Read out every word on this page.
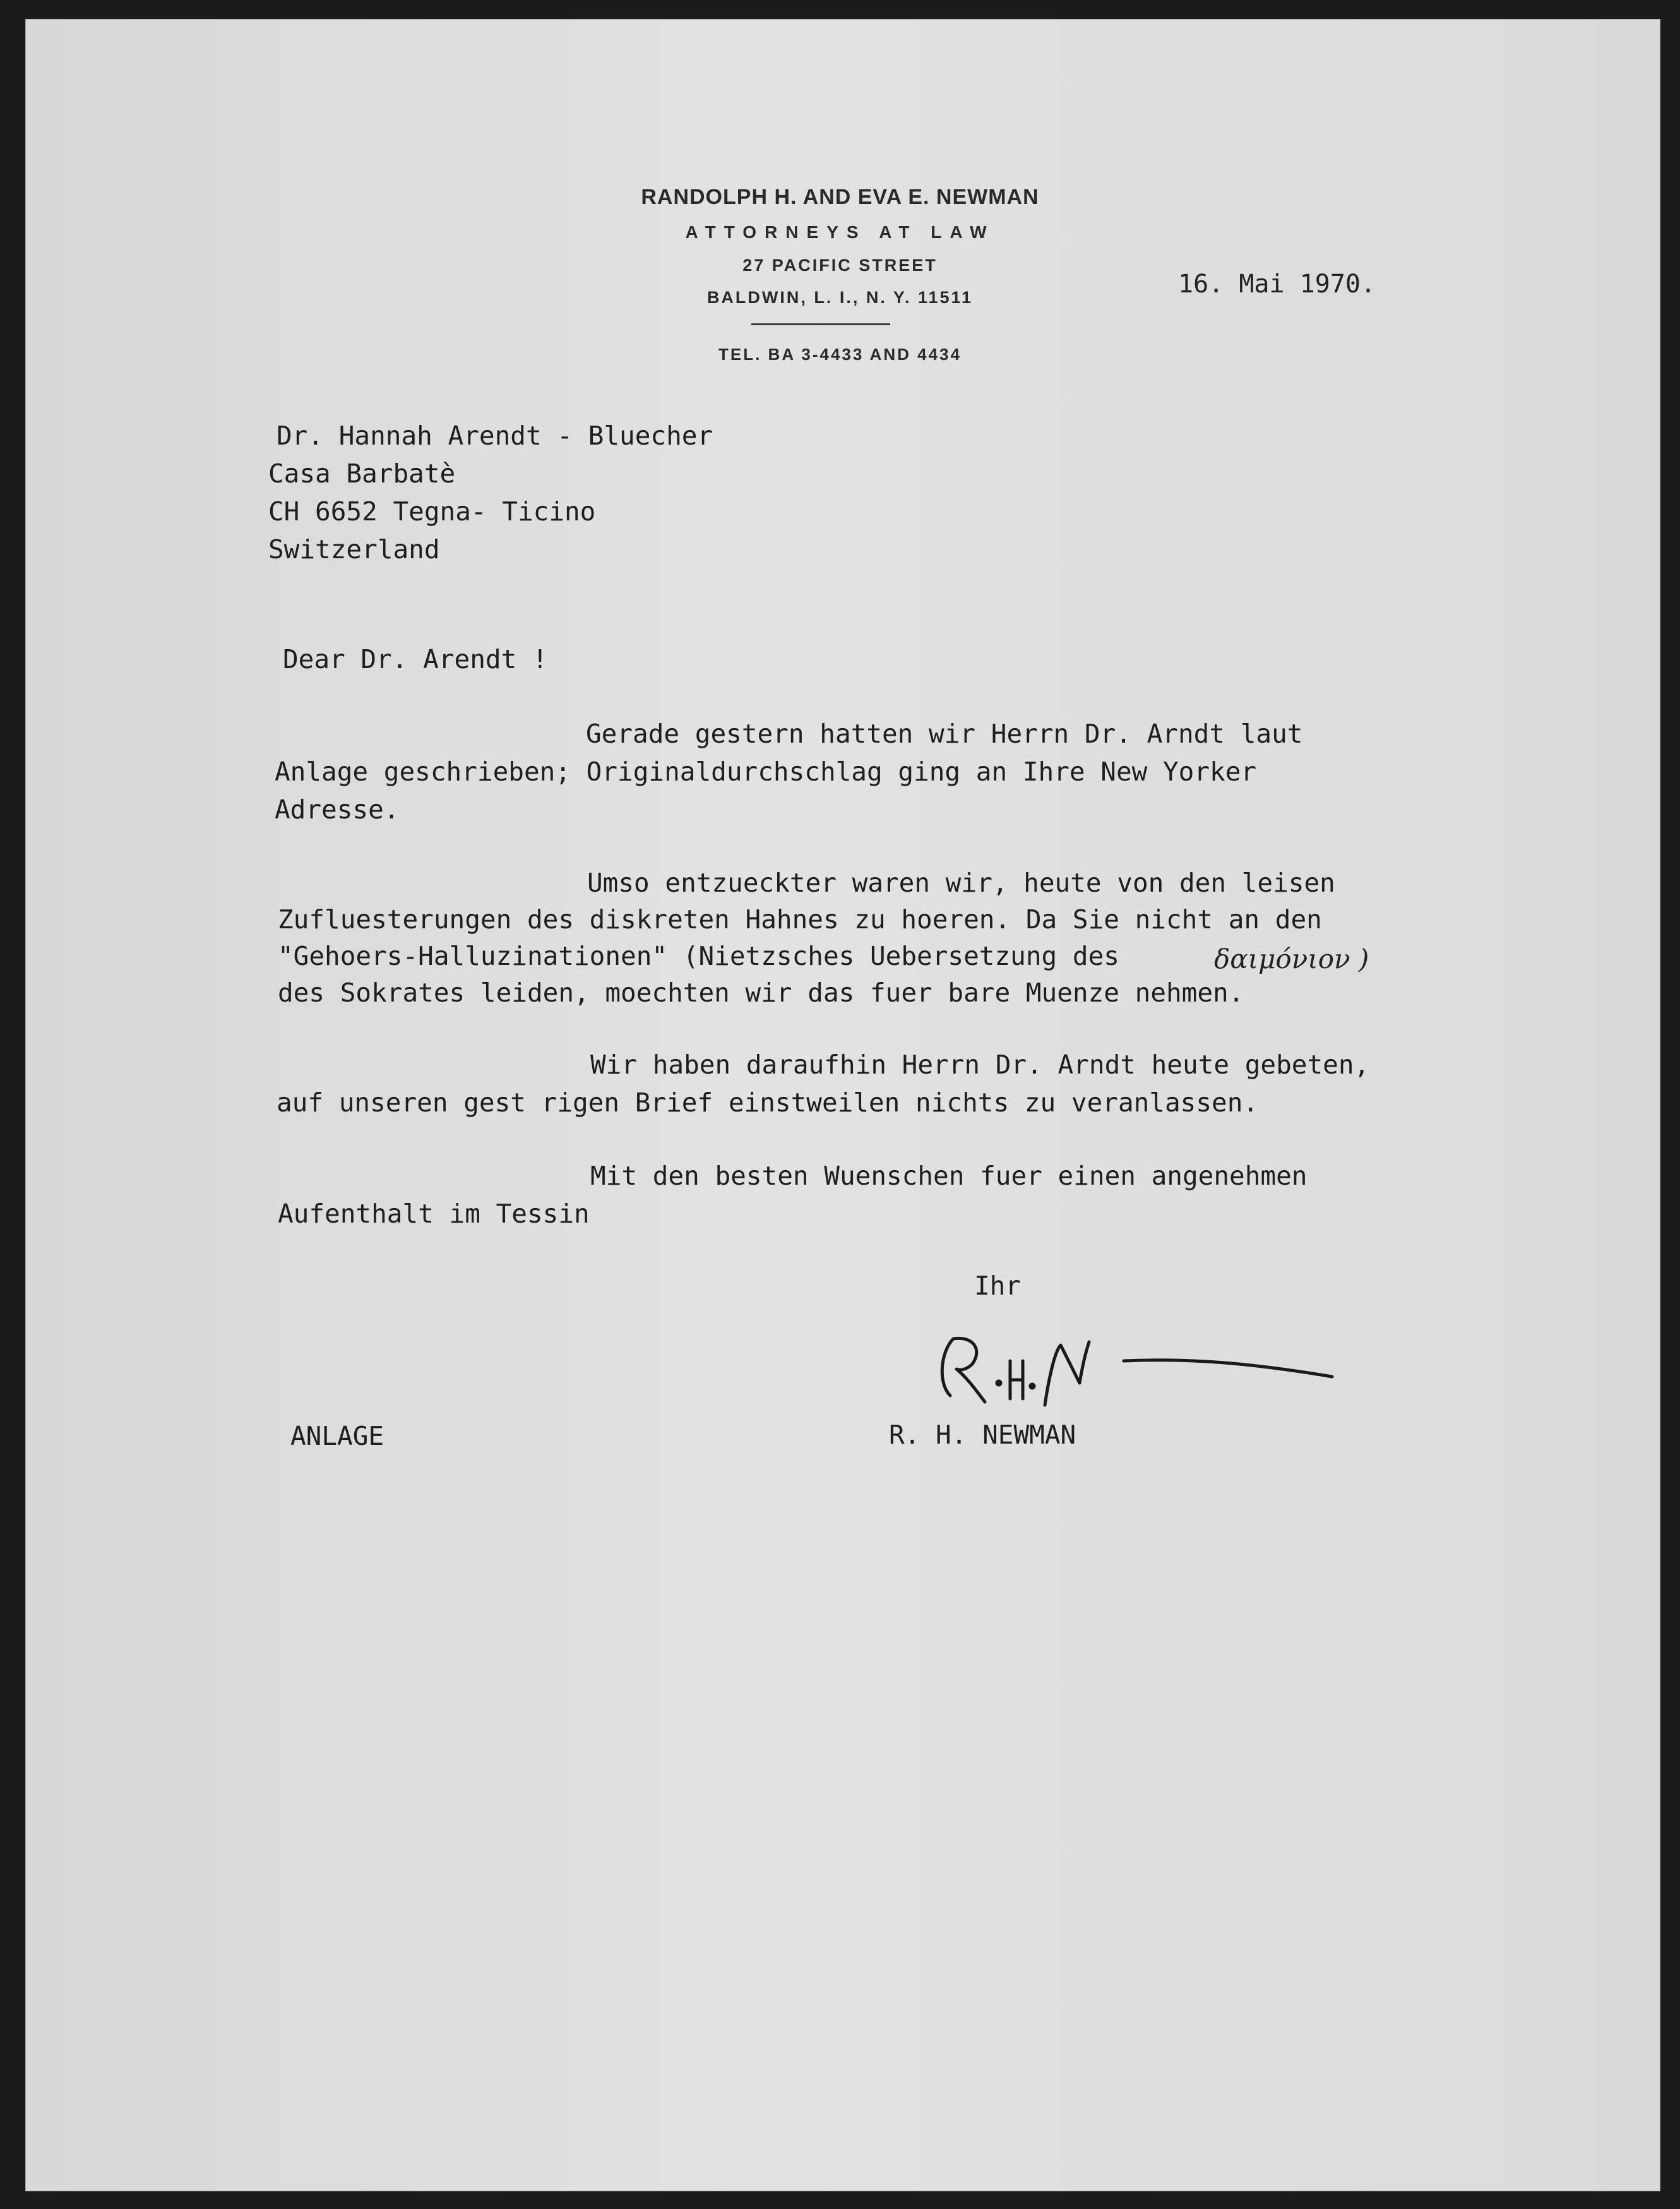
RANDOLPH H. AND EVA E. NEWMAN
ATTORNEYS AT LAW
27 PACIFIC STREET
BALDWIN, L. I., N. Y. 11511
TEL. BA 3-4433 AND 4434
16. Mai 1970.
Dr. Hannah Arendt - Bluecher
Casa Barbatè
CH 6652 Tegna- Ticino
Switzerland
Dear Dr. Arendt !
Gerade gestern hatten wir Herrn Dr. Arndt laut
Anlage geschrieben; Originaldurchschlag ging an Ihre New Yorker
Adresse.
Umso entzueckter waren wir, heute von den leisen
Zufluesterungen des diskreten Hahnes zu hoeren. Da Sie nicht an den
"Gehoers-Halluzinationen" (Nietzsches Uebersetzung des	δαιμόνιον )
des Sokrates leiden, moechten wir das fuer bare Muenze nehmen.
Wir haben daraufhin Herrn Dr. Arndt heute gebeten,
auf unseren gest rigen Brief einstweilen nichts zu veranlassen.
Mit den besten Wuenschen fuer einen angenehmen
Aufenthalt im Tessin
Ihr
R. H. NEWMAN
ANLAGE
